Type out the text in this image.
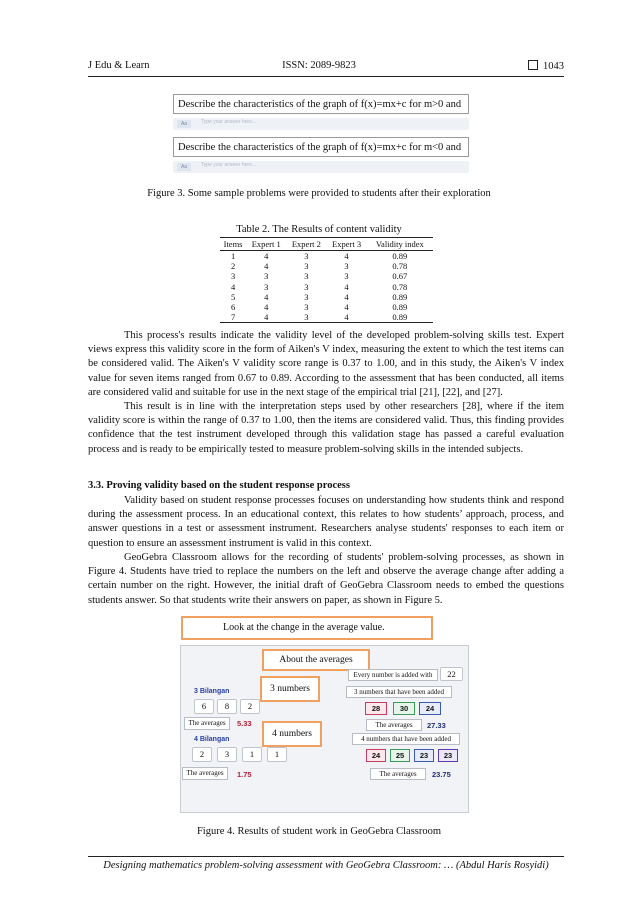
J Edu & Learn	ISSN: 2089-9823	1043
Describe the characteristics of the graph of f(x)=mx+c for m>0 and
Aa	Type your answer here...
Describe the characteristics of the graph of f(x)=mx+c for m<0 and
Aa	Type your answer here...
Figure 3. Some sample problems were provided to students after their exploration
Table 2. The Results of content validity
Items	Expert 1	Expert 2	Expert 3	Validity index
1	4	3	4	0.89
2	4	3	3	0.78
3	3	3	3	0.67
4	3	3	4	0.78
5	4	3	4	0.89
6	4	3	4	0.89
7	4	3	4	0.89

This process's results indicate the validity level of the developed problem-solving skills test. Expert views express this validity score in the form of Aiken's V index, measuring the extent to which the test items can be considered valid. The Aiken's V validity score range is 0.37 to 1.00, and in this study, the Aiken's V index value for seven items ranged from 0.67 to 0.89. According to the assessment that has been conducted, all items are considered valid and suitable for use in the next stage of the empirical trial [21], [22], and [27].

This result is in line with the interpretation steps used by other researchers [28], where if the item validity score is within the range of 0.37 to 1.00, then the items are considered valid. Thus, this finding provides confidence that the test instrument developed through this validation stage has passed a careful evaluation process and is ready to be empirically tested to measure problem-solving skills in the intended subjects.

3.3. Proving validity based on the student response process

Validity based on student response processes focuses on understanding how students think and respond during the assessment process. In an educational context, this relates to how students’ approach, process, and answer questions in a test or assessment instrument. Researchers analyse students' responses to each item or question to ensure an assessment instrument is valid in this context.

GeoGebra Classroom allows for the recording of students' problem-solving processes, as shown in Figure 4. Students have tried to replace the numbers on the left and observe the average change after adding a certain number on the right. However, the initial draft of GeoGebra Classroom needs to embed the questions students answer. So that students write their answers on paper, as shown in Figure 5.

Look at the change in the average value.
About the averages
3 Bilangan
6	8	2
The averages	5.33
3 numbers
4 Bilangan
2	3	1	1
The averages	1.75
4 numbers
Every number is added with	22
3 numbers that have been added
28	30	24
The averages	27.33
4 numbers that have been added
24	25	23	23
The averages	23.75
Figure 4. Results of student work in GeoGebra Classroom
Designing mathematics problem-solving assessment with GeoGebra Classroom: … (Abdul Haris Rosyidi)
